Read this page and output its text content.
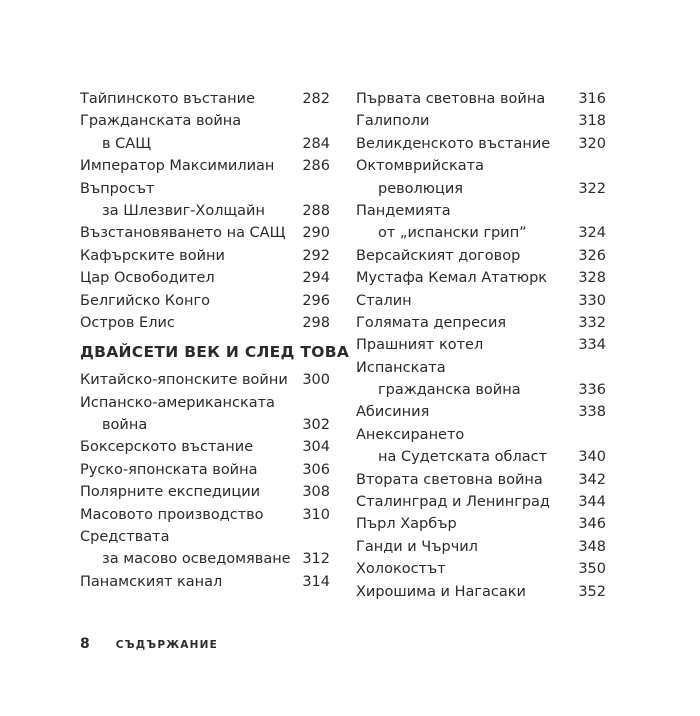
Тайпинското въстание	282
Гражданската война
в САЩ	284
Император Максимилиан 286
Въпросът
за Шлезвиг-Холщайн	288
Възстановяването на САЩ 290
Кафърските войни	292
Цар Освободител	294
Белгийско Конго	296
Остров Елис	298
ДВАЙСЕТИ ВЕК И СЛЕД ТОВА
Китайско-японските войни 300
Испанско-американската
война	302
Боксерското въстание	304
Руско-японската война	306
Полярните експедиции	308
Масовото производство	310
Средствата
за масово осведомяване 312
Панамският канал	314
Първата световна война 316
Галиполи	318
Великденското въстание 320
Октомврийската
революция	322
Пандемията
от „испански грип”	324
Версайският договор	326
Мустафа Кемал Ататюрк 328
Сталин	330
Голямата депресия	332
Прашният котел	334
Испанската
гражданска война	336
Абисиния	338
Анексирането
на Судетската област 340
Втората световна война 342
Сталинград и Ленинград 344
Пърл Харбър	346
Ганди и Чърчил	348
Холокостът	350
Хирошима и Нагасаки	352
8 СЪДЪРЖАНИЕ
